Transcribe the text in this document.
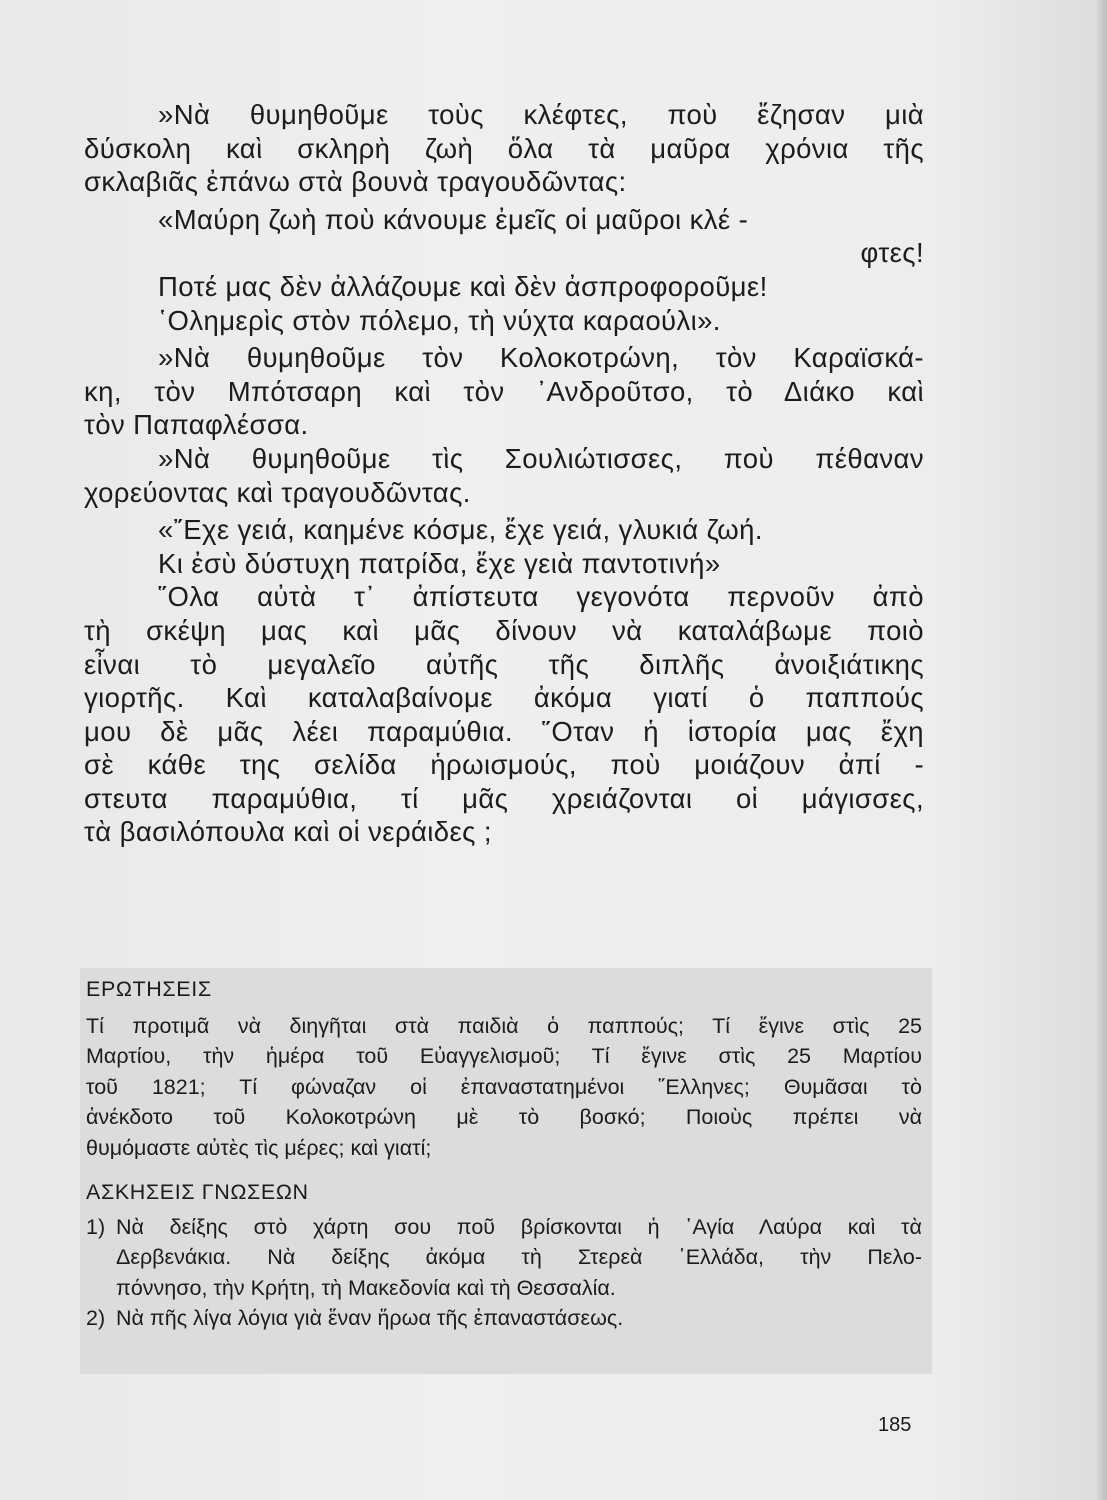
»Νὰ θυμηθοῦμε τοὺς κλέφτες, ποὺ ἔζησαν μιὰ
δύσκολη καὶ σκληρὴ ζωὴ ὅλα τὰ μαῦρα χρόνια τῆς
σκλαβιᾶς ἐπάνω στὰ βουνὰ τραγουδῶντας:

«Μαύρη ζωὴ ποὺ κάνουμε ἐμεῖς οἱ μαῦροι κλέ -
φτες!
Ποτέ μας δὲν ἀλλάζουμε καὶ δὲν ἀσπροφοροῦμε!
῾Ολημερὶς στὸν πόλεμο, τὴ νύχτα καραούλι».

»Νὰ θυμηθοῦμε τὸν Κολοκοτρώνη, τὸν Καραϊσκά-
κη, τὸν Μπότσαρη καὶ τὸν ᾿Ανδροῦτσο, τὸ Διάκο καὶ
τὸν Παπαφλέσσα.

»Νὰ θυμηθοῦμε τὶς Σουλιώτισσες, ποὺ πέθαναν
χορεύοντας καὶ τραγουδῶντας.

«῎Εχε γειά, καημένε κόσμε, ἔχε γειά, γλυκιά ζωή.
Κι ἐσὺ δύστυχη πατρίδα, ἔχε γειὰ παντοτινή»

῞Ολα αὐτὰ τ᾿ ἀπίστευτα γεγονότα περνοῦν ἀπὸ
τὴ σκέψη μας καὶ μᾶς δίνουν νὰ καταλάβωμε ποιὸ
εἶναι τὸ μεγαλεῖο αὐτῆς τῆς διπλῆς ἀνοιξιάτικης
γιορτῆς. Καὶ καταλαβαίνομε ἀκόμα γιατί ὁ παππούς
μου δὲ μᾶς λέει παραμύθια. ῞Οταν ἡ ἱστορία μας ἔχη
σὲ κάθε της σελίδα ἡρωισμούς, ποὺ μοιάζουν ἀπί -
στευτα παραμύθια, τί μᾶς χρειάζονται οἱ μάγισσες,
τὰ βασιλόπουλα καὶ οἱ νεράιδες ;

ΕΡΩΤΗΣΕΙΣ

Τί προτιμᾶ νὰ διηγῆται στὰ παιδιὰ ὁ παππούς; Τί ἔγινε στὶς 25
Μαρτίου, τὴν ἡμέρα τοῦ Εὐαγγελισμοῦ; Τί ἔγινε στὶς 25 Μαρτίου
τοῦ 1821; Τί φώναζαν οἱ ἐπαναστατημένοι ῞Ελληνες; Θυμᾶσαι τὸ
ἀνέκδοτο τοῦ Κολοκοτρώνη μὲ τὸ βοσκό; Ποιοὺς πρέπει νὰ
θυμόμαστε αὐτὲς τὶς μέρες; καὶ γιατί;

ΑΣΚΗΣΕΙΣ ΓΝΩΣΕΩΝ
1) Νὰ δείξης στὸ χάρτη σου ποῦ βρίσκονται ἡ ῾Αγία Λαύρα καὶ τὰ
Δερβενάκια. Νὰ δείξης ἀκόμα τὴ Στερεὰ ῾Ελλάδα, τὴν Πελο-
πόννησο, τὴν Κρήτη, τὴ Μακεδονία καὶ τὴ Θεσσαλία.
2) Νὰ πῆς λίγα λόγια γιὰ ἕναν ἥρωα τῆς ἐπαναστάσεως.
185
